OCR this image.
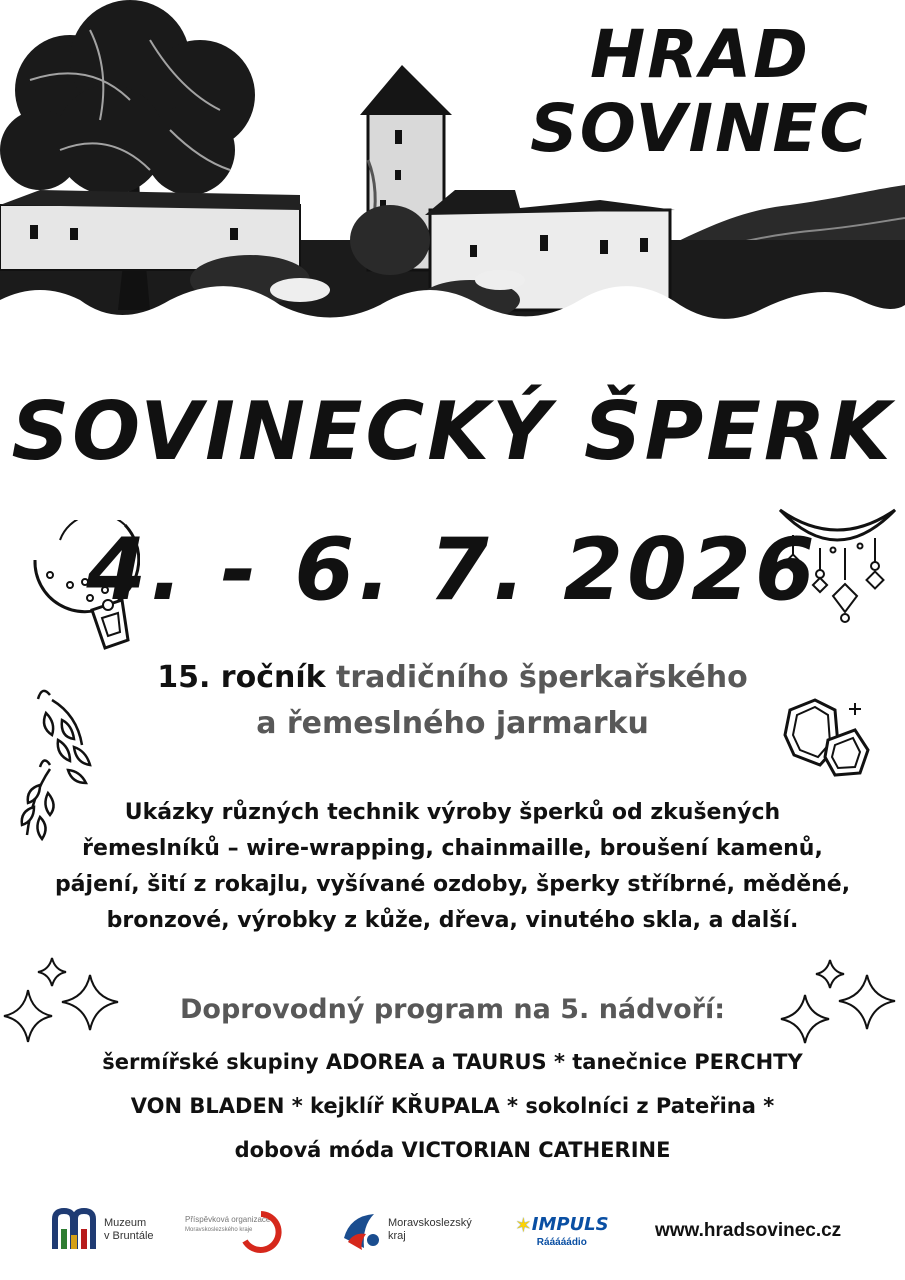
HRAD
SOVINEC
SOVINECKÝ ŠPERK
4. - 6. 7. 2026
15. ročník tradičního šperkařského
a řemeslného jarmarku
Ukázky různých technik výroby šperků od zkušených
řemeslníků – wire-wrapping, chainmaille, broušení kamenů,
pájení, šití z rokajlu, vyšívané ozdoby, šperky stříbrné, měděné,
bronzové, výrobky z kůže, dřeva, vinutého skla, a další.
Doprovodný program na 5. nádvoří:
šermířské skupiny ADOREA a TAURUS * tanečnice PERCHTY
VON BLADEN * kejklíř KŘUPALA * sokolníci z Pateřina *
dobová móda VICTORIAN CATHERINE
Muzeum
v Bruntále
Příspěvková organizace
Moravskoslezského kraje
Moravskoslezský
kraj	✶ IMPULS
Rááááádio
www.hradsovinec.cz
